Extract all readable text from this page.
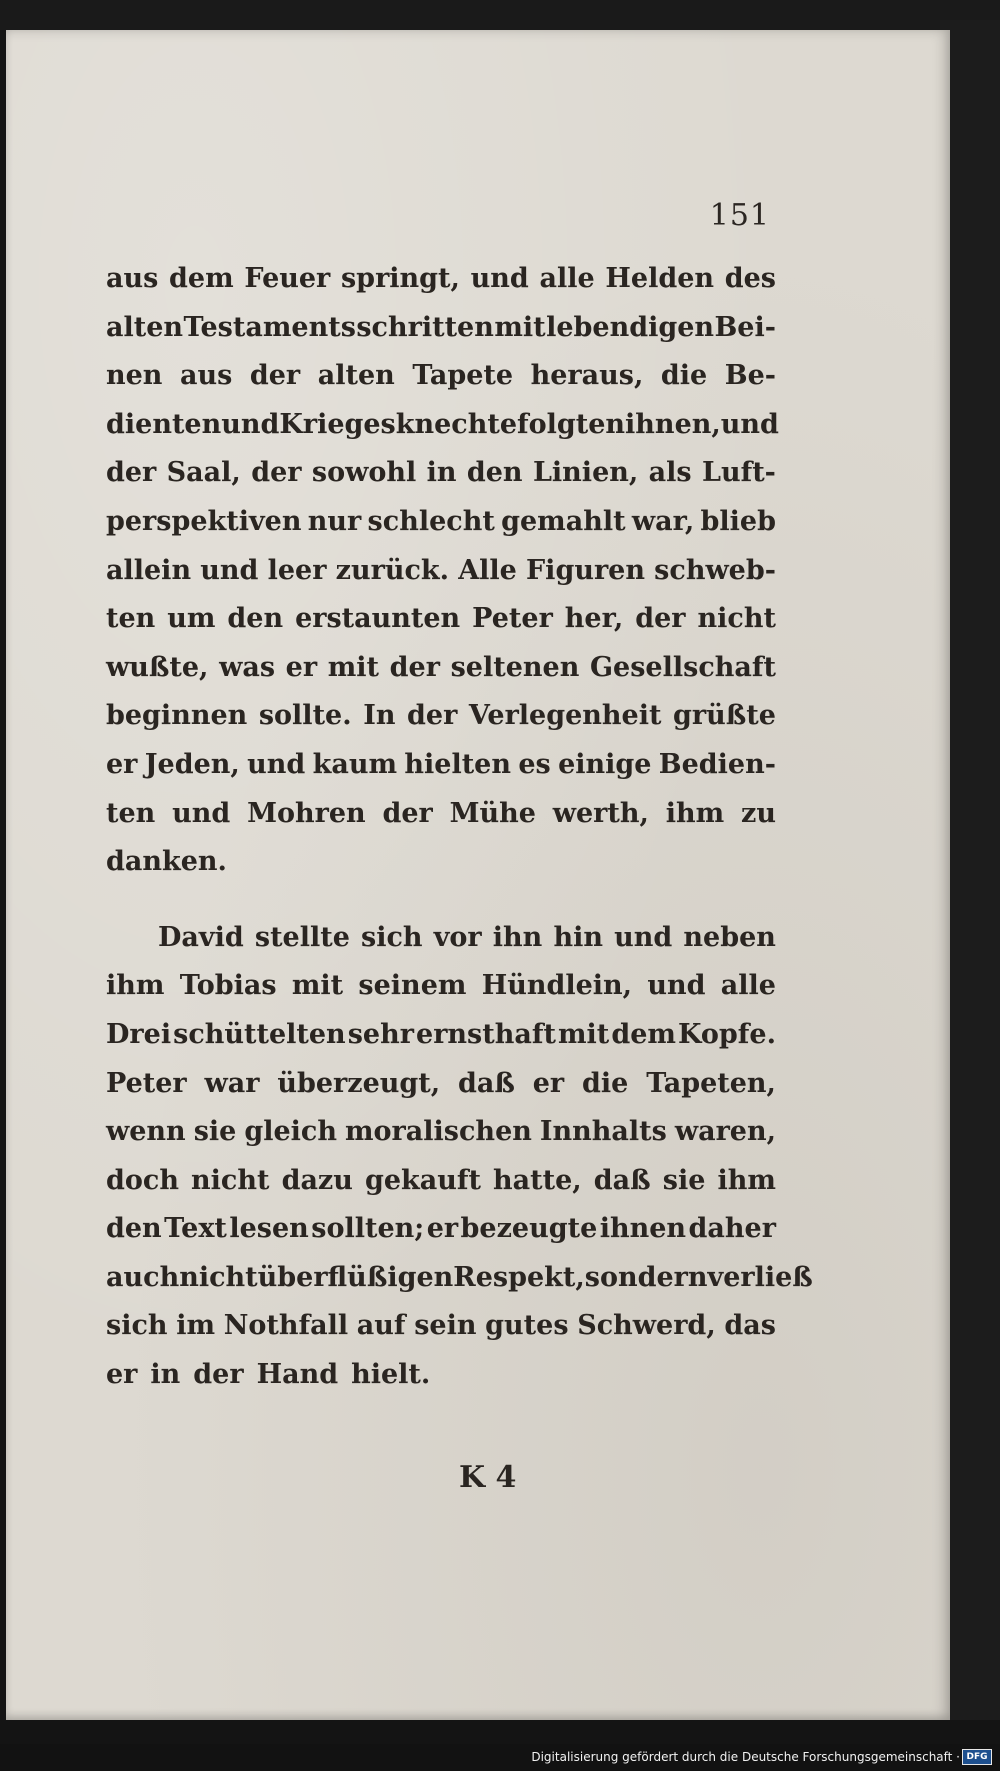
151
aus dem Feuer springt, und alle Helden des
alten Testaments schritten mit lebendigen Bei-
nen aus der alten Tapete heraus, die Be-
dienten und Kriegesknechte folgten ihnen, und
der Saal, der sowohl in den Linien, als Luft-
perspektiven nur schlecht gemahlt war, blieb
allein und leer zurück. Alle Figuren schweb-
ten um den erstaunten Peter her, der nicht
wußte, was er mit der seltenen Gesellschaft
beginnen sollte. In der Verlegenheit grüßte
er Jeden, und kaum hielten es einige Bedien-
ten und Mohren der Mühe werth, ihm zu
danken.
David stellte sich vor ihn hin und neben
ihm Tobias mit seinem Hündlein, und alle
Drei schüttelten sehr ernsthaft mit dem Kopfe.
Peter war überzeugt, daß er die Tapeten,
wenn sie gleich moralischen Innhalts waren,
doch nicht dazu gekauft hatte, daß sie ihm
den Text lesen sollten; er bezeugte ihnen daher
auch nicht überflüßigen Respekt, sondern verließ
sich im Nothfall auf sein gutes Schwerd, das
er in der Hand hielt.
K 4
Digitalisierung gefördert durch die Deutsche Forschungsgemeinschaft · DFG
